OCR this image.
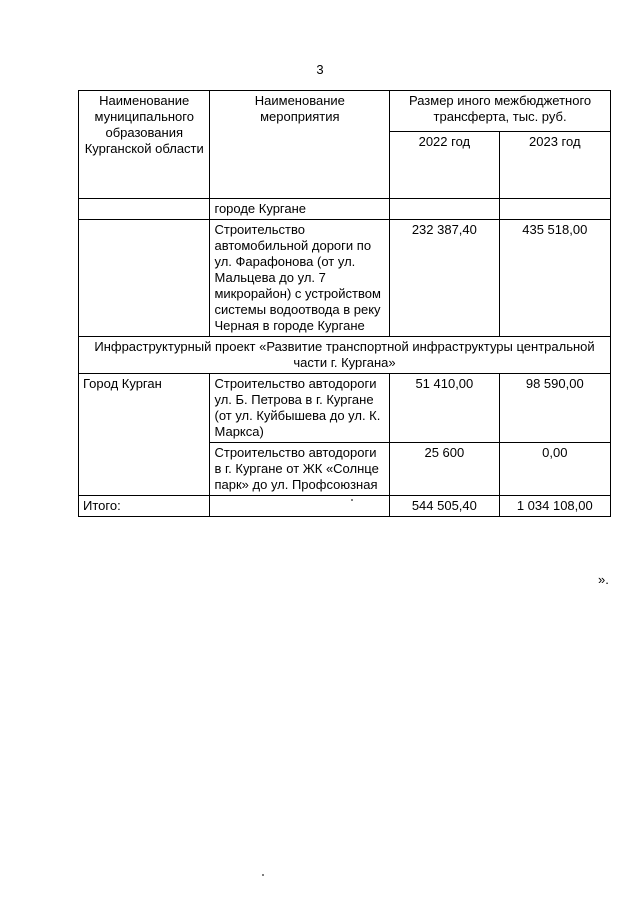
3
Наименование муниципального образования Курганской области	Наименование мероприятия	Размер иного межбюджетного трансферта, тыс. руб.	
		2022 год	2023 год
	городе Кургане		
	Строительство автомобильной дороги по ул. Фарафонова (от ул. Мальцева до ул. 7 микрорайон) с устройством системы водоотвода в реку Черная в городе Кургане	232 387,40	435 518,00
Инфраструктурный проект «Развитие транспортной инфраструктуры центральной части г. Кургана»			
Город Курган	Строительство автодороги ул. Б. Петрова в г. Кургане (от ул. Куйбышева до ул. К. Маркса)	51 410,00	98 590,00
	Строительство автодороги в г. Кургане от ЖК «Солнце парк» до ул. Профсоюзная	25 600	0,00
Итого:		544 505,40	1 034 108,00
».
